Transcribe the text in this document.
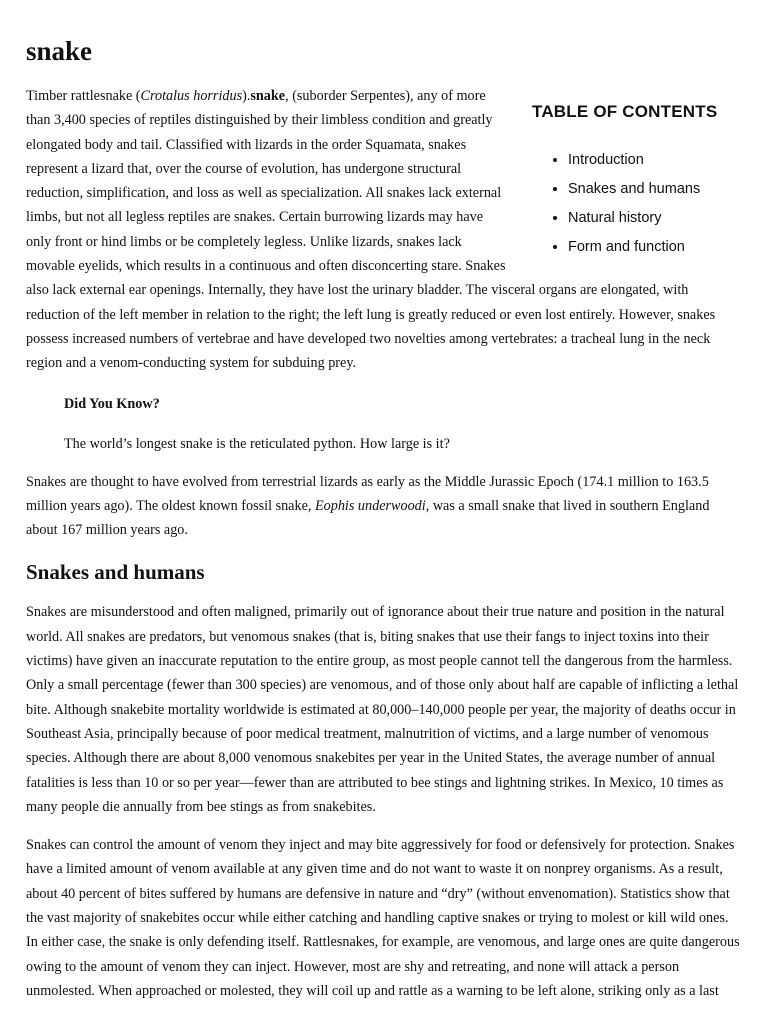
snake
TABLE OF CONTENTS
• Introduction
• Snakes and humans
• Natural history
• Form and function

Timber rattlesnake (Crotalus horridus).snake, (suborder Serpentes), any of more than 3,400 species of reptiles distinguished by their limbless condition and greatly elongated body and tail. Classified with lizards in the order Squamata, snakes represent a lizard that, over the course of evolution, has undergone structural reduction, simplification, and loss as well as specialization. All snakes lack external limbs, but not all legless reptiles are snakes. Certain burrowing lizards may have only front or hind limbs or be completely legless. Unlike lizards, snakes lack movable eyelids, which results in a continuous and often disconcerting stare. Snakes also lack external ear openings. Internally, they have lost the urinary bladder. The visceral organs are elongated, with reduction of the left member in relation to the right; the left lung is greatly reduced or even lost entirely. However, snakes possess increased numbers of vertebrae and have developed two novelties among vertebrates: a tracheal lung in the neck region and a venom-conducting system for subduing prey.

Did You Know?
The world’s longest snake is the reticulated python. How large is it?

Snakes are thought to have evolved from terrestrial lizards as early as the Middle Jurassic Epoch (174.1 million to 163.5 million years ago). The oldest known fossil snake, Eophis underwoodi, was a small snake that lived in southern England about 167 million years ago.

Snakes and humans

Snakes are misunderstood and often maligned, primarily out of ignorance about their true nature and position in the natural world. All snakes are predators, but venomous snakes (that is, biting snakes that use their fangs to inject toxins into their victims) have given an inaccurate reputation to the entire group, as most people cannot tell the dangerous from the harmless. Only a small percentage (fewer than 300 species) are venomous, and of those only about half are capable of inflicting a lethal bite. Although snakebite mortality worldwide is estimated at 80,000–140,000 people per year, the majority of deaths occur in Southeast Asia, principally because of poor medical treatment, malnutrition of victims, and a large number of venomous species. Although there are about 8,000 venomous snakebites per year in the United States, the average number of annual fatalities is less than 10 or so per year—fewer than are attributed to bee stings and lightning strikes. In Mexico, 10 times as many people die annually from bee stings as from snakebites.

Snakes can control the amount of venom they inject and may bite aggressively for food or defensively for protection. Snakes have a limited amount of venom available at any given time and do not want to waste it on nonprey organisms. As a result, about 40 percent of bites suffered by humans are defensive in nature and “dry” (without envenomation). Statistics show that the vast majority of snakebites occur while either catching and handling captive snakes or trying to molest or kill wild ones. In either case, the snake is only defending itself. Rattlesnakes, for example, are venomous, and large ones are quite dangerous owing to the amount of venom they can inject. However, most are shy and retreating, and none will attack a person unmolested. When approached or molested, they will coil up and rattle as a warning to be left alone, striking only as a last
